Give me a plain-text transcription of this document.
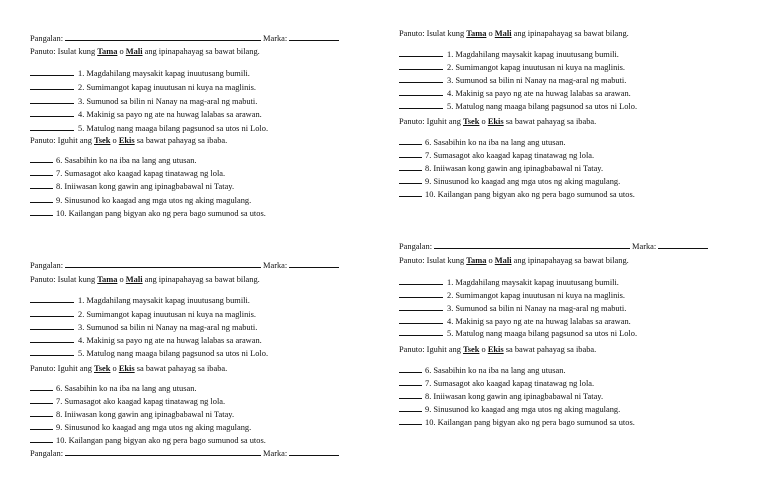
Pangalan:	Marka:
Panuto: Isulat kung Tama o Mali ang ipinapahayag sa bawat bilang.
1. Magdahilang maysakit kapag inuutusang bumili.
2. Sumimangot kapag inuutusan ni kuya na maglinis.
3. Sumunod sa bilin ni Nanay na mag-aral ng mabuti.
4. Makinig sa payo ng ate na huwag lalabas sa arawan.
5. Matulog nang maaga bilang pagsunod sa utos ni Lolo.
Panuto: Iguhit ang Tsek o Ekis sa bawat pahayag sa ibaba.
6. Sasabihin ko na iba na lang ang utusan.
7. Sumasagot ako kaagad kapag tinatawag ng lola.
8. Iniiwasan kong gawin ang ipinagbabawal ni Tatay.
9. Sinusunod ko kaagad ang mga utos ng aking magulang.
10. Kailangan pang bigyan ako ng pera bago sumunod sa utos.
Panuto: Isulat kung Tama o Mali ang ipinapahayag sa bawat bilang.
1. Magdahilang maysakit kapag inuutusang bumili.
2. Sumimangot kapag inuutusan ni kuya na maglinis.
3. Sumunod sa bilin ni Nanay na mag-aral ng mabuti.
4. Makinig sa payo ng ate na huwag lalabas sa arawan.
5. Matulog nang maaga bilang pagsunod sa utos ni Lolo.
Panuto: Iguhit ang Tsek o Ekis sa bawat pahayag sa ibaba.
6. Sasabihin ko na iba na lang ang utusan.
7. Sumasagot ako kaagad kapag tinatawag ng lola.
8. Iniiwasan kong gawin ang ipinagbabawal ni Tatay.
9. Sinusunod ko kaagad ang mga utos ng aking magulang.
10. Kailangan pang bigyan ako ng pera bago sumunod sa utos.
Pangalan:	Marka:
Panuto: Isulat kung Tama o Mali ang ipinapahayag sa bawat bilang.
1. Magdahilang maysakit kapag inuutusang bumili.
2. Sumimangot kapag inuutusan ni kuya na maglinis.
3. Sumunod sa bilin ni Nanay na mag-aral ng mabuti.
4. Makinig sa payo ng ate na huwag lalabas sa arawan.
5. Matulog nang maaga bilang pagsunod sa utos ni Lolo.
Panuto: Iguhit ang Tsek o Ekis sa bawat pahayag sa ibaba.
6. Sasabihin ko na iba na lang ang utusan.
7. Sumasagot ako kaagad kapag tinatawag ng lola.
8. Iniiwasan kong gawin ang ipinagbabawal ni Tatay.
9. Sinusunod ko kaagad ang mga utos ng aking magulang.
10. Kailangan pang bigyan ako ng pera bago sumunod sa utos.
Pangalan:	Marka:
Pangalan:	Marka:
Panuto: Isulat kung Tama o Mali ang ipinapahayag sa bawat bilang.
1. Magdahilang maysakit kapag inuutusang bumili.
2. Sumimangot kapag inuutusan ni kuya na maglinis.
3. Sumunod sa bilin ni Nanay na mag-aral ng mabuti.
4. Makinig sa payo ng ate na huwag lalabas sa arawan.
5. Matulog nang maaga bilang pagsunod sa utos ni Lolo.
Panuto: Iguhit ang Tsek o Ekis sa bawat pahayag sa ibaba.
6. Sasabihin ko na iba na lang ang utusan.
7. Sumasagot ako kaagad kapag tinatawag ng lola.
8. Iniiwasan kong gawin ang ipinagbabawal ni Tatay.
9. Sinusunod ko kaagad ang mga utos ng aking magulang.
10. Kailangan pang bigyan ako ng pera bago sumunod sa utos.
